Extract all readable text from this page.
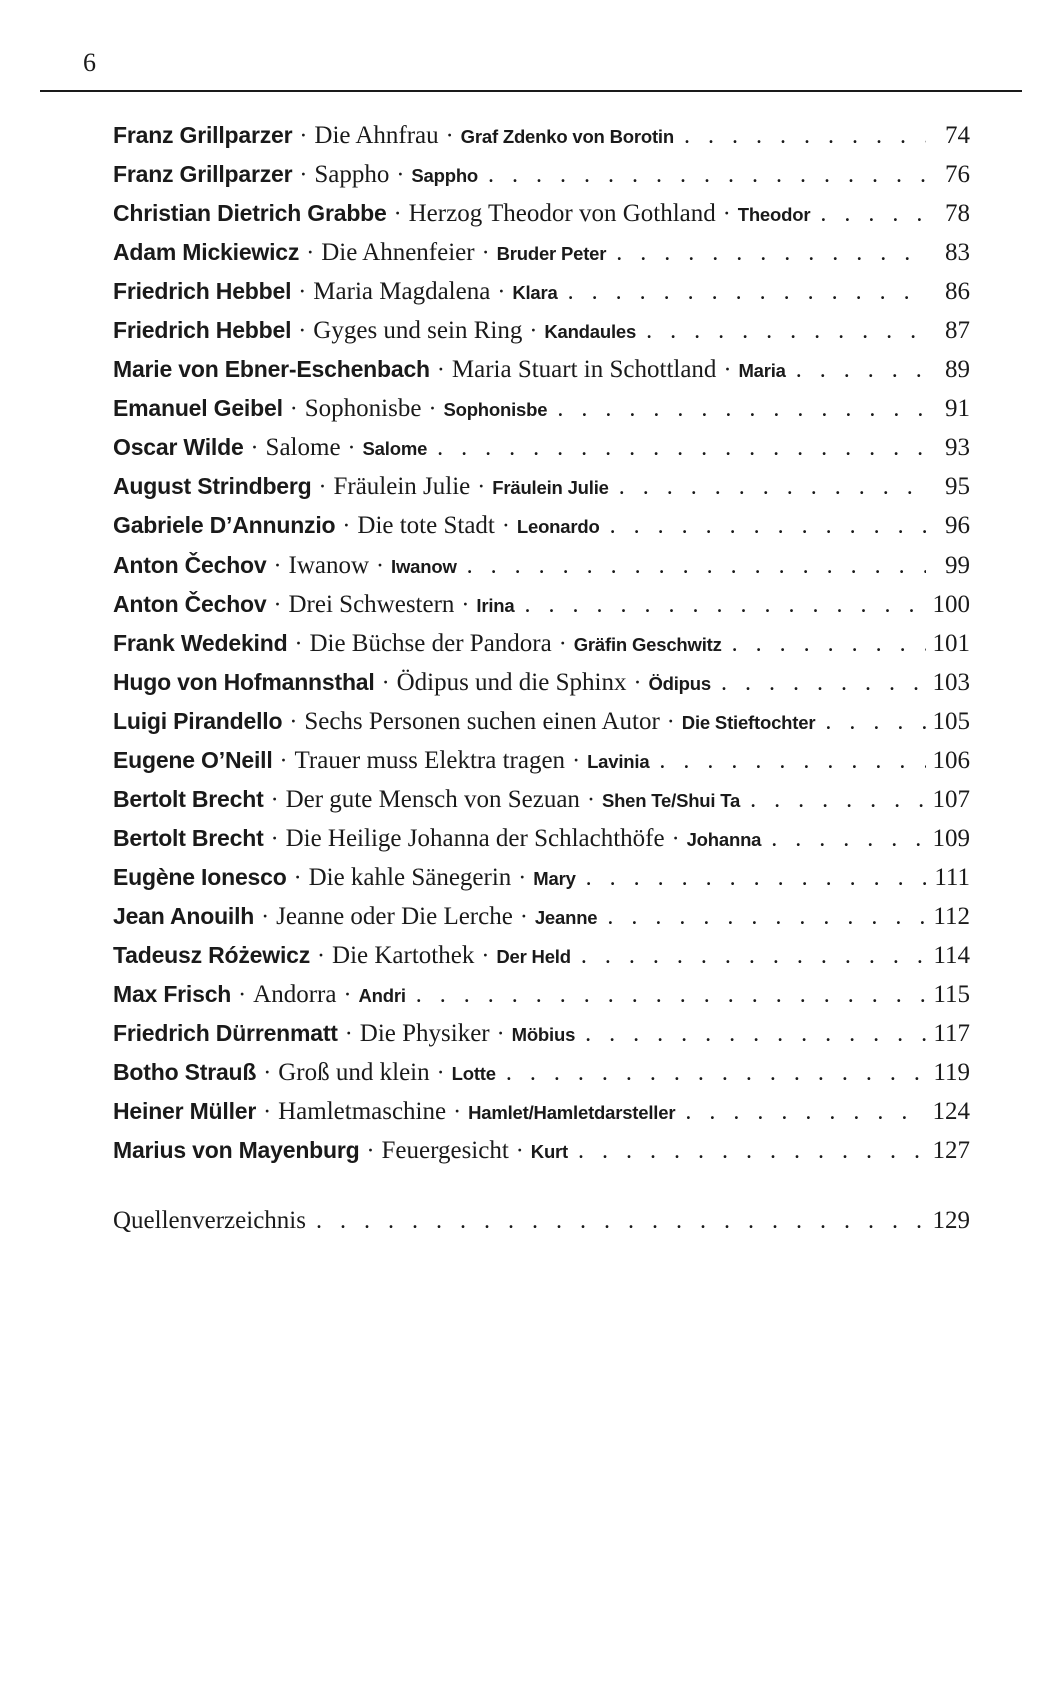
6
Franz Grillparzer · Die Ahnfrau · Graf Zdenko von Borotin . . .	74
Franz Grillparzer · Sappho · Sappho . . .	76
Christian Dietrich Grabbe · Herzog Theodor von Gothland · Theodor . . .	78
Adam Mickiewicz · Die Ahnenfeier · Bruder Peter . . .	83
Friedrich Hebbel · Maria Magdalena · Klara . . .	86
Friedrich Hebbel · Gyges und sein Ring · Kandaules . . .	87
Marie von Ebner-Eschenbach · Maria Stuart in Schottland · Maria . . .	89
Emanuel Geibel · Sophonisbe · Sophonisbe . . .	91
Oscar Wilde · Salome · Salome . . .	93
August Strindberg · Fräulein Julie · Fräulein Julie . . .	95
Gabriele D’Annunzio · Die tote Stadt · Leonardo . . .	96
Anton Čechov · Iwanow · Iwanow . . .	99
Anton Čechov · Drei Schwestern · Irina . . .	100
Frank Wedekind · Die Büchse der Pandora · Gräfin Geschwitz . . .	101
Hugo von Hofmannsthal · Ödipus und die Sphinx · Ödipus . . .	103
Luigi Pirandello · Sechs Personen suchen einen Autor · Die Stieftochter . . .	105
Eugene O’Neill · Trauer muss Elektra tragen · Lavinia . . .	106
Bertolt Brecht · Der gute Mensch von Sezuan · Shen Te/Shui Ta . . .	107
Bertolt Brecht · Die Heilige Johanna der Schlachthöfe · Johanna . . .	109
Eugène Ionesco · Die kahle Sänegerin · Mary . . .	111
Jean Anouilh · Jeanne oder Die Lerche · Jeanne . . .	112
Tadeusz Różewicz · Die Kartothek · Der Held . . .	114
Max Frisch · Andorra · Andri . . .	115
Friedrich Dürrenmatt · Die Physiker · Möbius . . .	117
Botho Strauß · Groß und klein · Lotte . . .	119
Heiner Müller · Hamletmaschine · Hamlet/Hamletdarsteller . . .	124
Marius von Mayenburg · Feuergesicht · Kurt . . .	127
Quellenverzeichnis . . .	129
